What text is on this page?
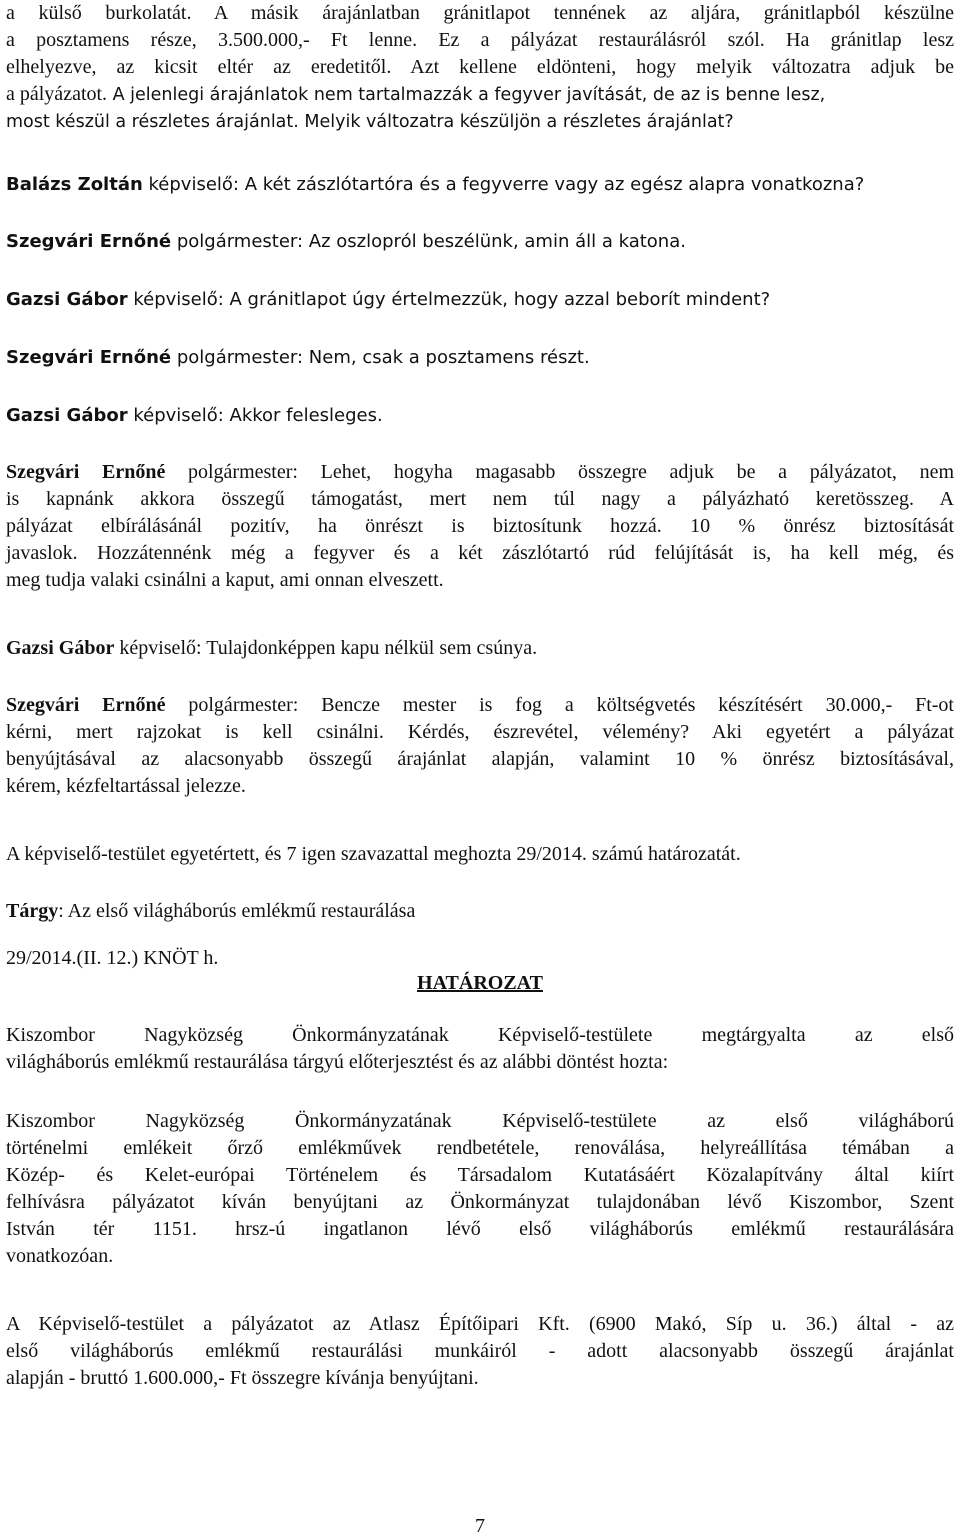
a külső burkolatát. A másik árajánlatban gránitlapot tennének az aljára, gránitlapból készülne
a posztamens része, 3.500.000,- Ft lenne. Ez a pályázat restaurálásról szól. Ha gránitlap lesz
elhelyezve, az kicsit eltér az eredetitől. Azt kellene eldönteni, hogy melyik változatra adjuk be
a pályázatot. A jelenlegi árajánlatok nem tartalmazzák a fegyver javítását, de az is benne lesz,
most készül a részletes árajánlat. Melyik változatra készüljön a részletes árajánlat?
Balázs Zoltán képviselő: A két zászlótartóra és a fegyverre vagy az egész alapra vonatkozna?
Szegvári Ernőné polgármester: Az oszlopról beszélünk, amin áll a katona.
Gazsi Gábor képviselő: A gránitlapot úgy értelmezzük, hogy azzal beborít mindent?
Szegvári Ernőné polgármester: Nem, csak a posztamens részt.
Gazsi Gábor képviselő: Akkor felesleges.
Szegvári Ernőné polgármester: Lehet, hogyha magasabb összegre adjuk be a pályázatot, nem
is kapnánk akkora összegű támogatást, mert nem túl nagy a pályázható keretösszeg. A
pályázat elbírálásánál pozitív, ha önrészt is biztosítunk hozzá. 10 % önrész biztosítását
javaslok. Hozzátennénk még a fegyver és a két zászlótartó rúd felújítását is, ha kell még, és
meg tudja valaki csinálni a kaput, ami onnan elveszett.
Gazsi Gábor képviselő: Tulajdonképpen kapu nélkül sem csúnya.
Szegvári Ernőné polgármester: Bencze mester is fog a költségvetés készítésért 30.000,- Ft-ot
kérni, mert rajzokat is kell csinálni. Kérdés, észrevétel, vélemény? Aki egyetért a pályázat
benyújtásával az alacsonyabb összegű árajánlat alapján, valamint 10 % önrész biztosításával,
kérem, kézfeltartással jelezze.
A képviselő-testület egyetértett, és 7 igen szavazattal meghozta 29/2014. számú határozatát.
Tárgy: Az első világháborús emlékmű restaurálása
29/2014.(II. 12.) KNÖT h.
HATÁROZAT
Kiszombor Nagyközség Önkormányzatának Képviselő-testülete megtárgyalta az első
világháborús emlékmű restaurálása tárgyú előterjesztést és az alábbi döntést hozta:
Kiszombor Nagyközség Önkormányzatának Képviselő-testülete az első világháború
történelmi emlékeit őrző emlékművek rendbetétele, renoválása, helyreállítása témában a
Közép- és Kelet-európai Történelem és Társadalom Kutatásáért Közalapítvány által kiírt
felhívásra pályázatot kíván benyújtani az Önkormányzat tulajdonában lévő Kiszombor, Szent
István tér 1151. hrsz-ú ingatlanon lévő első világháborús emlékmű restaurálására
vonatkozóan.
A Képviselő-testület a pályázatot az Atlasz Építőipari Kft. (6900 Makó, Síp u. 36.) által - az
első világháborús emlékmű restaurálási munkáiról - adott alacsonyabb összegű árajánlat
alapján - bruttó 1.600.000,- Ft összegre kívánja benyújtani.
7
